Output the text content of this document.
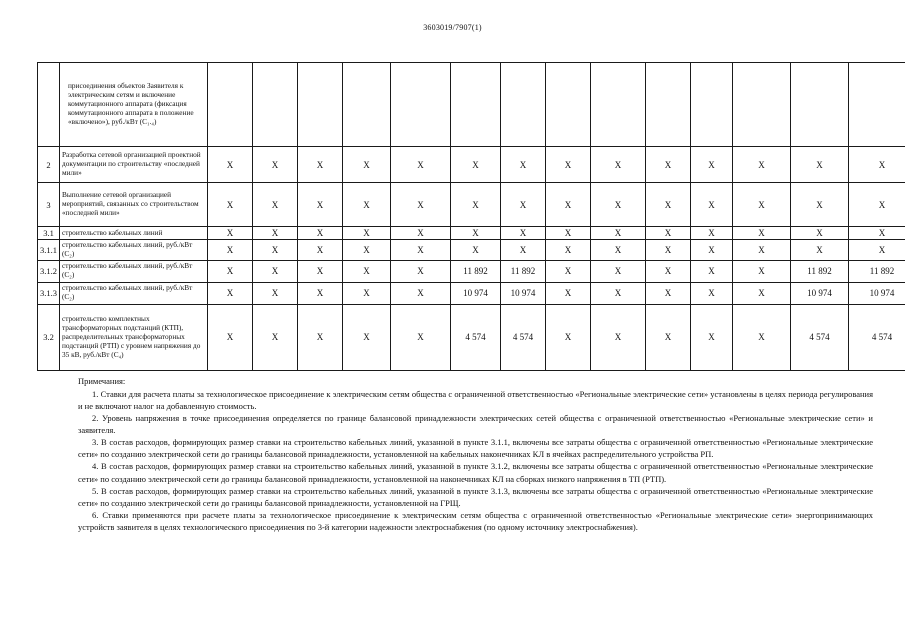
3603019/7907(1)
	присоединения объектов Заявителя к электрическим сетям и включение коммутационного аппарата (фиксация коммутационного аппарата в положение «включено»), руб./кВт (C₁.₄)														
2	Разработка сетевой организацией проектной документации по строительству «последней мили»	X	X	X	X	X	X	X	X	X	X	X	X	X	X
3	Выполнение сетевой организацией мероприятий, связанных со строительством «последней мили»	X	X	X	X	X	X	X	X	X	X	X	X	X	X
3.1	строительство кабельных линий	X	X	X	X	X	X	X	X	X	X	X	X	X	X
3.1.1	строительство кабельных линий, руб./кВт (C₂)	X	X	X	X	X	X	X	X	X	X	X	X	X	X
3.1.2	строительство кабельных линий, руб./кВт (C₂)	X	X	X	X	X	11 892	11 892	X	X	X	X	X	11 892	11 892
3.1.3	строительство кабельных линий, руб./кВт (C₂)	X	X	X	X	X	10 974	10 974	X	X	X	X	X	10 974	10 974
3.2	строительство комплектных трансформаторных подстанций (КТП), распределительных трансформаторных подстанций (РТП) с уровнем напряжения до 35 кВ, руб./кВт (C₄)	X	X	X	X	X	4 574	4 574	X	X	X	X	X	4 574	4 574

Примечания:

1. Ставки для расчета платы за технологическое присоединение к электрическим сетям общества с ограниченной ответственностью «Региональные электрические сети» установлены в целях периода регулирования и не включают налог на добавленную стоимость.

2. Уровень напряжения в точке присоединения определяется по границе балансовой принадлежности электрических сетей общества с ограниченной ответственностью «Региональные электрические сети» и заявителя.

3. В состав расходов, формирующих размер ставки на строительство кабельных линий, указанной в пункте 3.1.1, включены все затраты общества с ограниченной ответственностью «Региональные электрические сети» по созданию электрической сети до границы балансовой принадлежности, установленной на кабельных наконечниках КЛ в ячейках распределительного устройства РП.

4. В состав расходов, формирующих размер ставки на строительство кабельных линий, указанной в пункте 3.1.2, включены все затраты общества с ограниченной ответственностью «Региональные электрические сети» по созданию электрической сети до границы балансовой принадлежности, установленной на наконечниках КЛ на сборках низкого напряжения в ТП (РТП).

5. В состав расходов, формирующих размер ставки на строительство кабельных линий, указанной в пункте 3.1.3, включены все затраты общества с ограниченной ответственностью «Региональные электрические сети» по созданию электрической сети до границы балансовой принадлежности, установленной на ГРЩ.

6. Ставки применяются при расчете платы за технологическое присоединение к электрическим сетям общества с ограниченной ответственностью «Региональные электрические сети» энергопринимающих устройств заявителя в целях технологического присоединения по 3-й категории надежности электроснабжения (по одному источнику электроснабжения).
